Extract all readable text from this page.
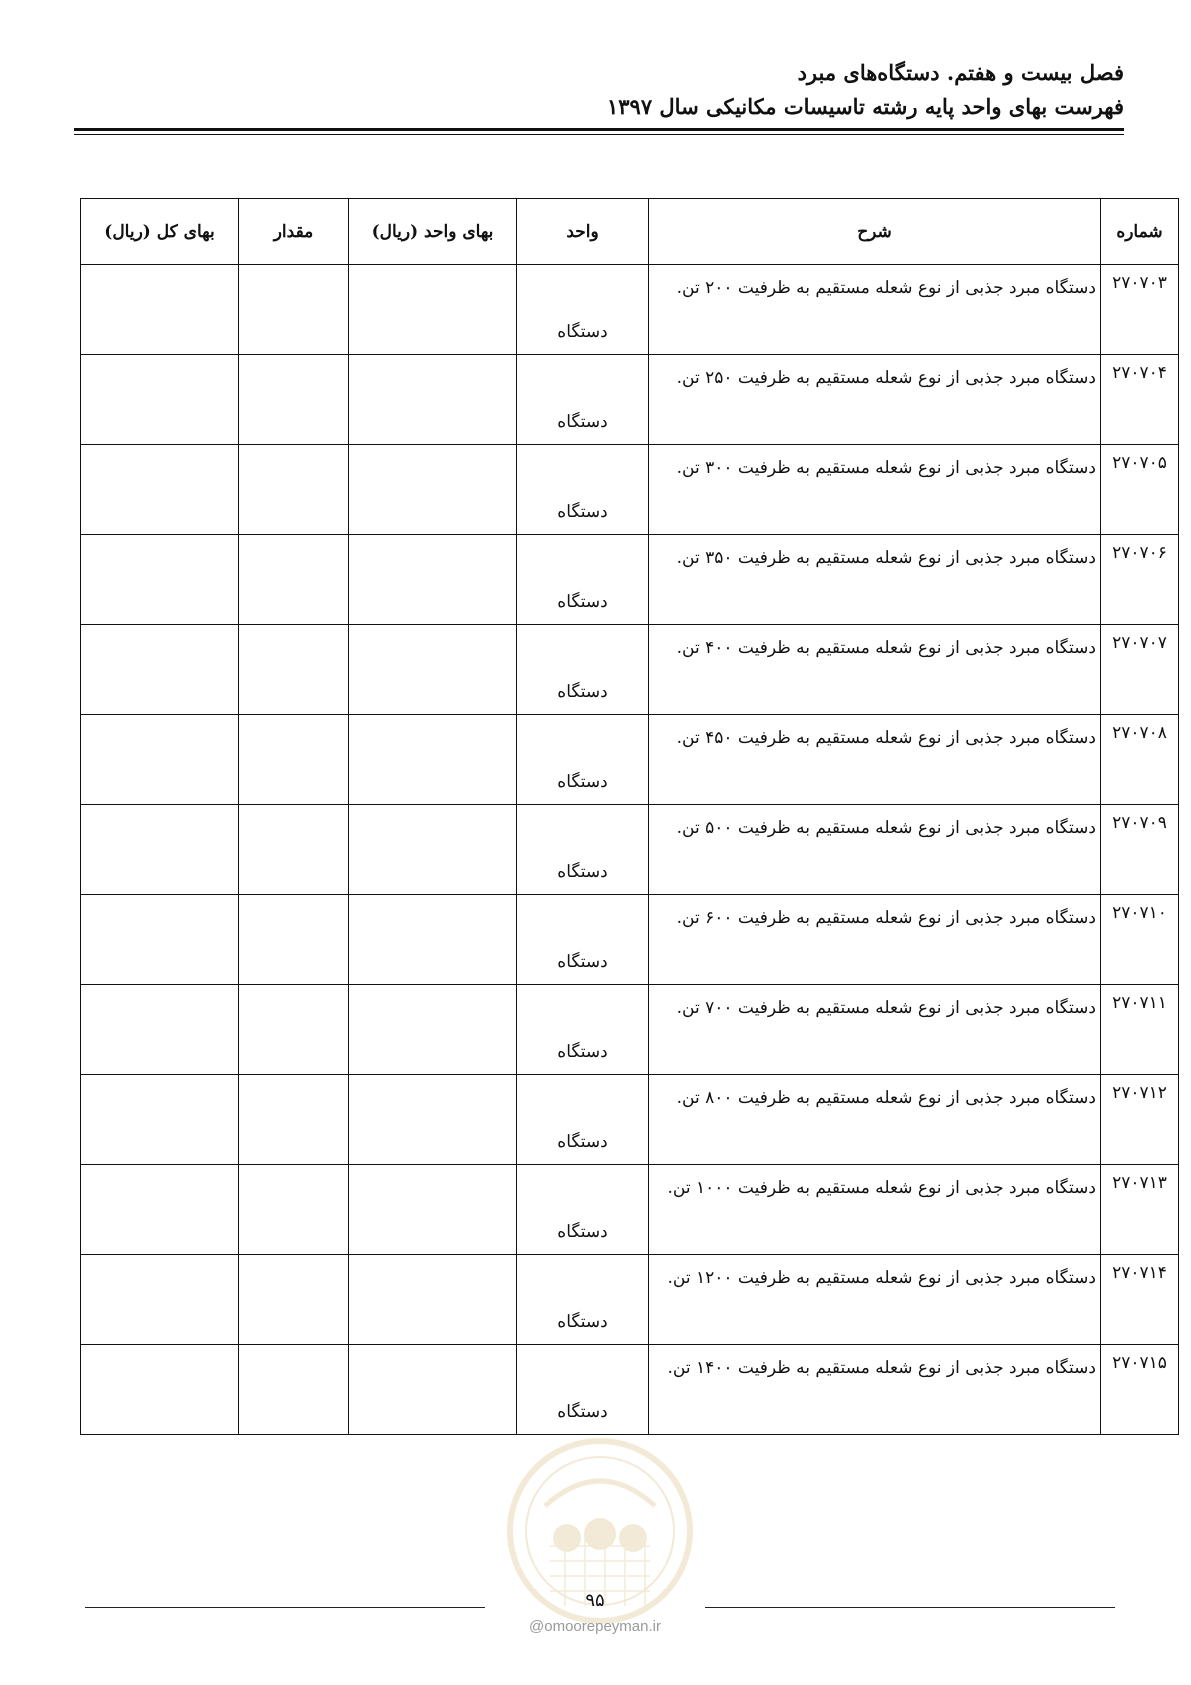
فصل بیست و هفتم. دستگاه‌های مبرد
فهرست بهای واحد پایه رشته تاسیسات مکانیکی سال ۱۳۹۷
شماره	شرح	واحد	بهای واحد (ریال)	مقدار	بهای کل (ریال)
۲۷۰۷۰۳	دستگاه مبرد جذبی از نوع شعله مستقیم به ظرفیت ۲۰۰ تن.	دستگاه			
۲۷۰۷۰۴	دستگاه مبرد جذبی از نوع شعله مستقیم به ظرفیت ۲۵۰ تن.	دستگاه			
۲۷۰۷۰۵	دستگاه مبرد جذبی از نوع شعله مستقیم به ظرفیت ۳۰۰ تن.	دستگاه			
۲۷۰۷۰۶	دستگاه مبرد جذبی از نوع شعله مستقیم به ظرفیت ۳۵۰ تن.	دستگاه			
۲۷۰۷۰۷	دستگاه مبرد جذبی از نوع شعله مستقیم به ظرفیت ۴۰۰ تن.	دستگاه			
۲۷۰۷۰۸	دستگاه مبرد جذبی از نوع شعله مستقیم به ظرفیت ۴۵۰ تن.	دستگاه			
۲۷۰۷۰۹	دستگاه مبرد جذبی از نوع شعله مستقیم به ظرفیت ۵۰۰ تن.	دستگاه			
۲۷۰۷۱۰	دستگاه مبرد جذبی از نوع شعله مستقیم به ظرفیت ۶۰۰ تن.	دستگاه			
۲۷۰۷۱۱	دستگاه مبرد جذبی از نوع شعله مستقیم به ظرفیت ۷۰۰ تن.	دستگاه			
۲۷۰۷۱۲	دستگاه مبرد جذبی از نوع شعله مستقیم به ظرفیت ۸۰۰ تن.	دستگاه			
۲۷۰۷۱۳	دستگاه مبرد جذبی از نوع شعله مستقیم به ظرفیت ۱۰۰۰ تن.	دستگاه			
۲۷۰۷۱۴	دستگاه مبرد جذبی از نوع شعله مستقیم به ظرفیت ۱۲۰۰ تن.	دستگاه			
۲۷۰۷۱۵	دستگاه مبرد جذبی از نوع شعله مستقیم به ظرفیت ۱۴۰۰ تن.	دستگاه			
۹۵
@omoorepeyman.ir
